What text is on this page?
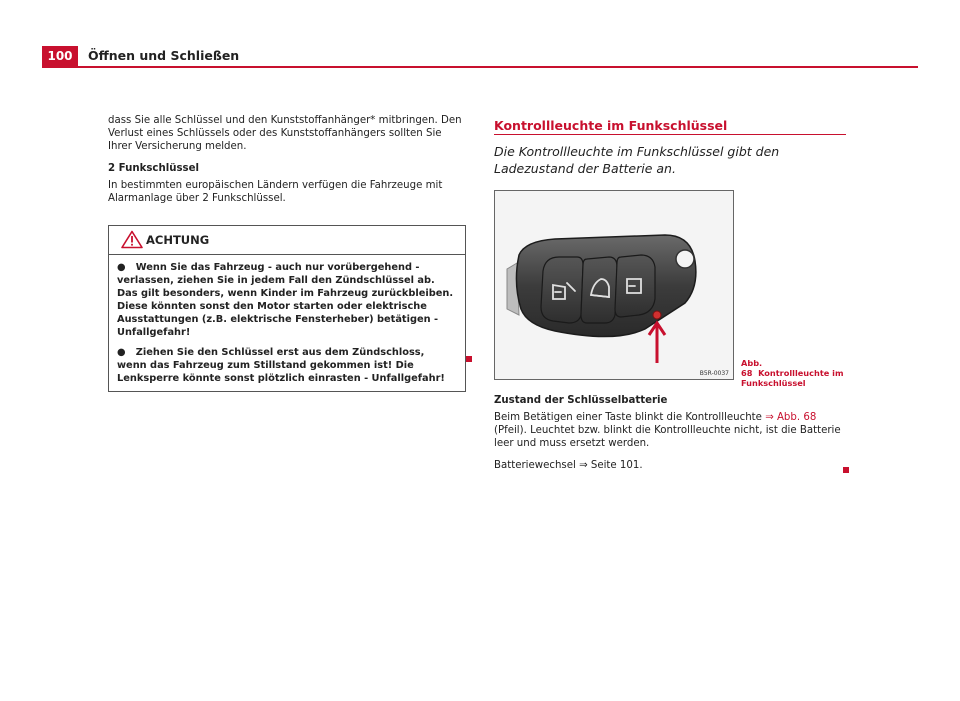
100	Öffnen und Schließen

dass Sie alle Schlüssel und den Kunststoffanhänger* mitbringen. Den Verlust eines Schlüssels oder des Kunststoffanhängers sollten Sie Ihrer Versicherung melden.

2 Funkschlüssel

In bestimmten europäischen Ländern verfügen die Fahrzeuge mit Alarmanlage über 2 Funkschlüssel.

ACHTUNG

● Wenn Sie das Fahrzeug - auch nur vorübergehend - verlassen, ziehen Sie in jedem Fall den Zündschlüssel ab. Das gilt besonders, wenn Kinder im Fahrzeug zurückbleiben. Diese könnten sonst den Motor starten oder elektrische Ausstattungen (z.B. elektrische Fensterheber) betätigen - Unfallgefahr!

● Ziehen Sie den Schlüssel erst aus dem Zündschloss, wenn das Fahrzeug zum Stillstand gekommen ist! Die Lenksperre könnte sonst plötzlich einrasten - Unfallgefahr!

Kontrollleuchte im Funkschlüssel
Die Kontrollleuchte im Funkschlüssel gibt den Ladezustand der Batterie an.
B5R-0037
Abb. 68 Kontrollleuchte im Funkschlüssel

Zustand der Schlüsselbatterie

Beim Betätigen einer Taste blinkt die Kontrollleuchte ⇒ Abb. 68 (Pfeil). Leuchtet bzw. blinkt die Kontrollleuchte nicht, ist die Batterie leer und muss ersetzt werden.

Batteriewechsel ⇒ Seite 101.
